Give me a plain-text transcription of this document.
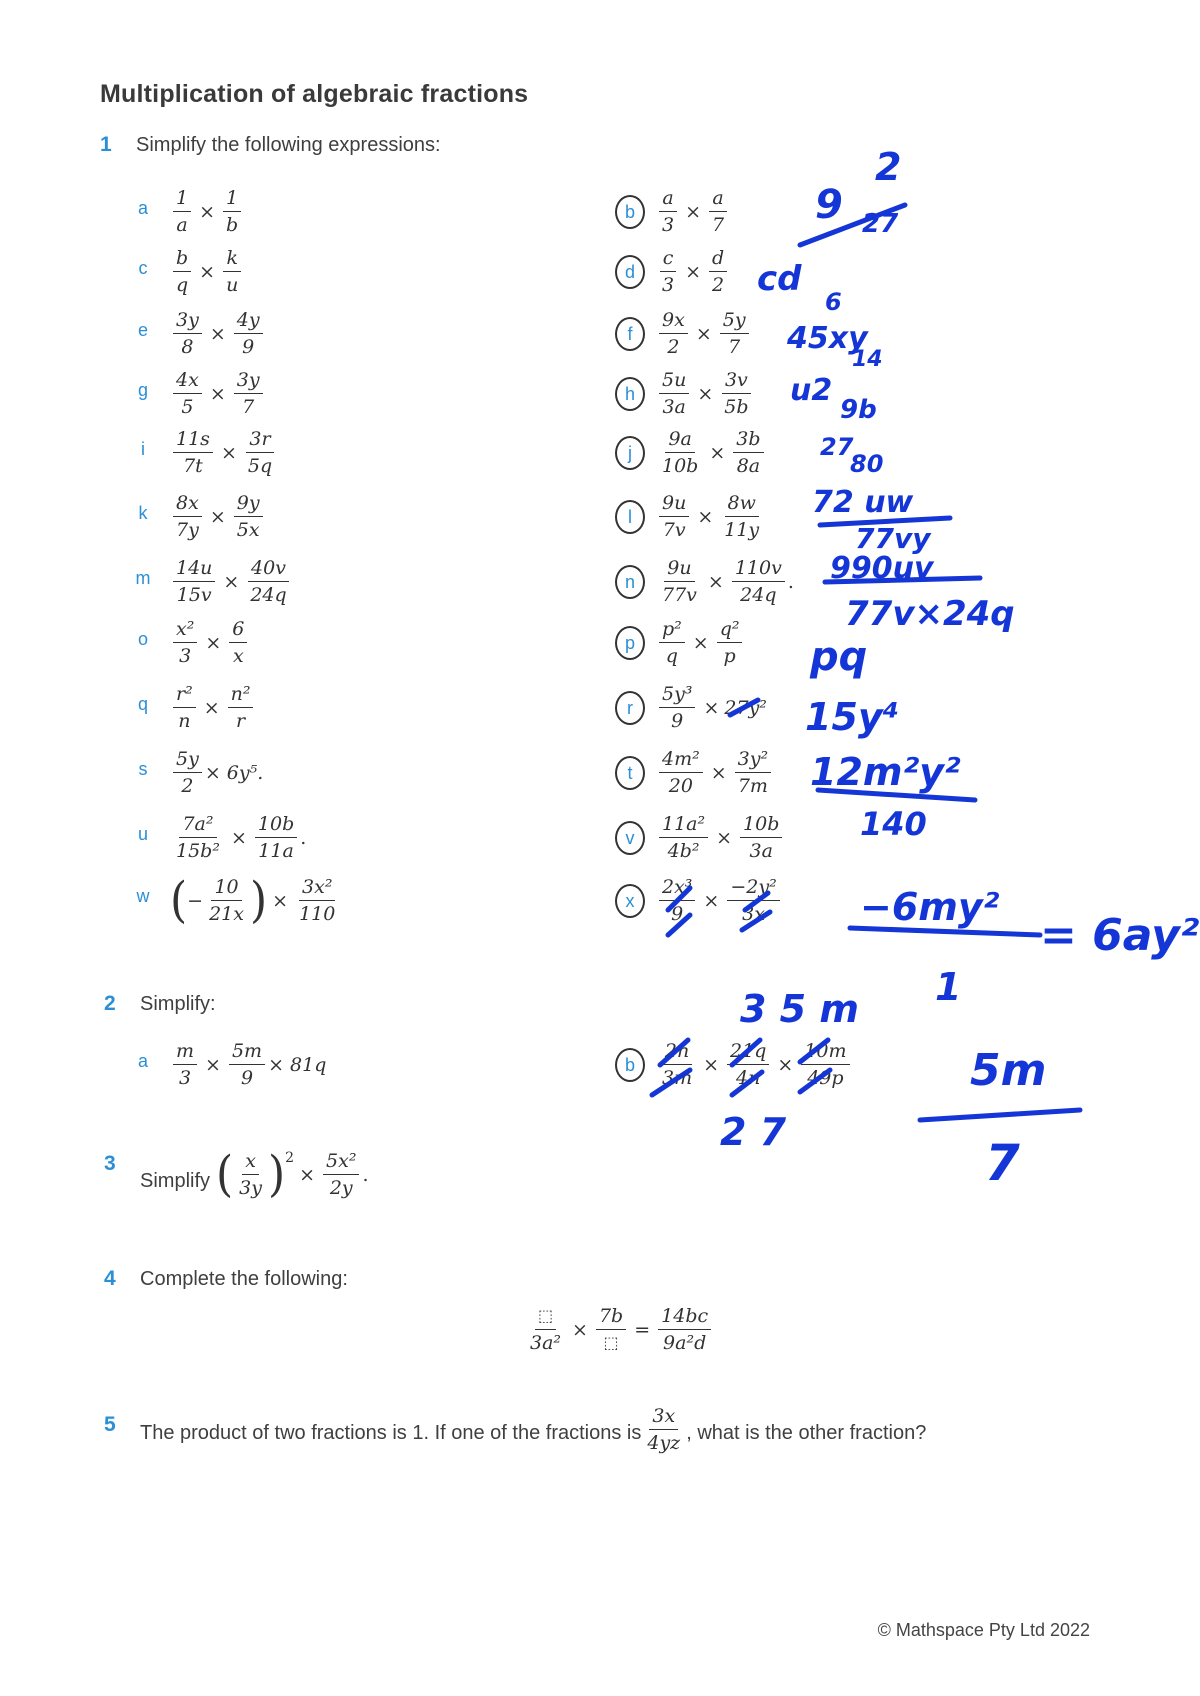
Multiplication of algebraic fractions
1 Simplify the following expressions:
a	$\frac{1}{a} \times \frac{1}{b}$
c	$\frac{b}{q} \times \frac{k}{u}$
e	$\frac{3y}{8} \times \frac{4y}{9}$
g	$\frac{4x}{5} \times \frac{3y}{7}$
i	$\frac{11s}{7t} \times \frac{3r}{5q}$
k	$\frac{8x}{7y} \times \frac{9y}{5x}$
m $\frac{14u}{15v} \times \frac{40v}{24q}$
o	$\frac{\text{x²}}{3} \times \frac{6}{x}$
q	$\frac{\text{r²}}{n} \times \frac{\text{n²}}{r}$
s	$\frac{5y}{2} \times 6y^5$.
u	$\frac{\text{7a²}}{\text{15b²}} \times \frac{10b}{11a}$ .
w ( − $\frac{10}{21x}$ ) × $\frac{\text{3x²}}{110}$
b	$\frac{a}{3} \times \frac{a}{7}$
d	$\frac{c}{3} \times \frac{d}{2}$
f	$\frac{9x}{2} \times \frac{5y}{7}$
h	$\frac{5u}{3a} \times \frac{3v}{5b}$
j	$\frac{9a}{10b} \times \frac{3b}{8a}$
l	$\frac{9u}{7v} \times \frac{8w}{11y}$
n	$\frac{9u}{77v} \times \frac{110v}{24q}$ .
p	$\frac{\text{p²}}{q} \times \frac{\text{q²}}{p}$
r	$\frac{\text{5y³}}{9} \times 27y^2$
t	$\frac{\text{4m²}}{20} \times \frac{\text{3y²}}{7m}$
v	$\frac{\text{11a²}}{\text{4b²}} \times \frac{10b}{3a}$
x	$\frac{\text{2x³}}{9} \times \frac{\text{−2y²}}{3x}$
2 Simplify:
a	$\frac{m}{3} \times \frac{5m}{9} \times 81q$	b	$\frac{2n}{3m} \times \frac{21q}{4n} \times \frac{10m}{49p}$
3
Simplify ( $\frac{x}{3y} )^2$
× $\frac{\text{5x²}}{2y}$ .
4 Complete the following:
$\frac{⬚}{\text{3a²}} \times \frac{7b}{⬚} = \frac{14bc}{\text{9a²d}}$
5 The product of two fractions is 1. If one of the fractions is $\frac{3x}{4yz}$ , what is the other fraction?
© Mathspace Pty Ltd 2022
2
9 27
cd
6
45xy
14
u2
9b
27
80
72 uw
77vy
990uv
77v×24q
pq
15y⁴
12m²y²
140
−6my²
1
= 6ay²
3 5 m
2 7
5m
7
